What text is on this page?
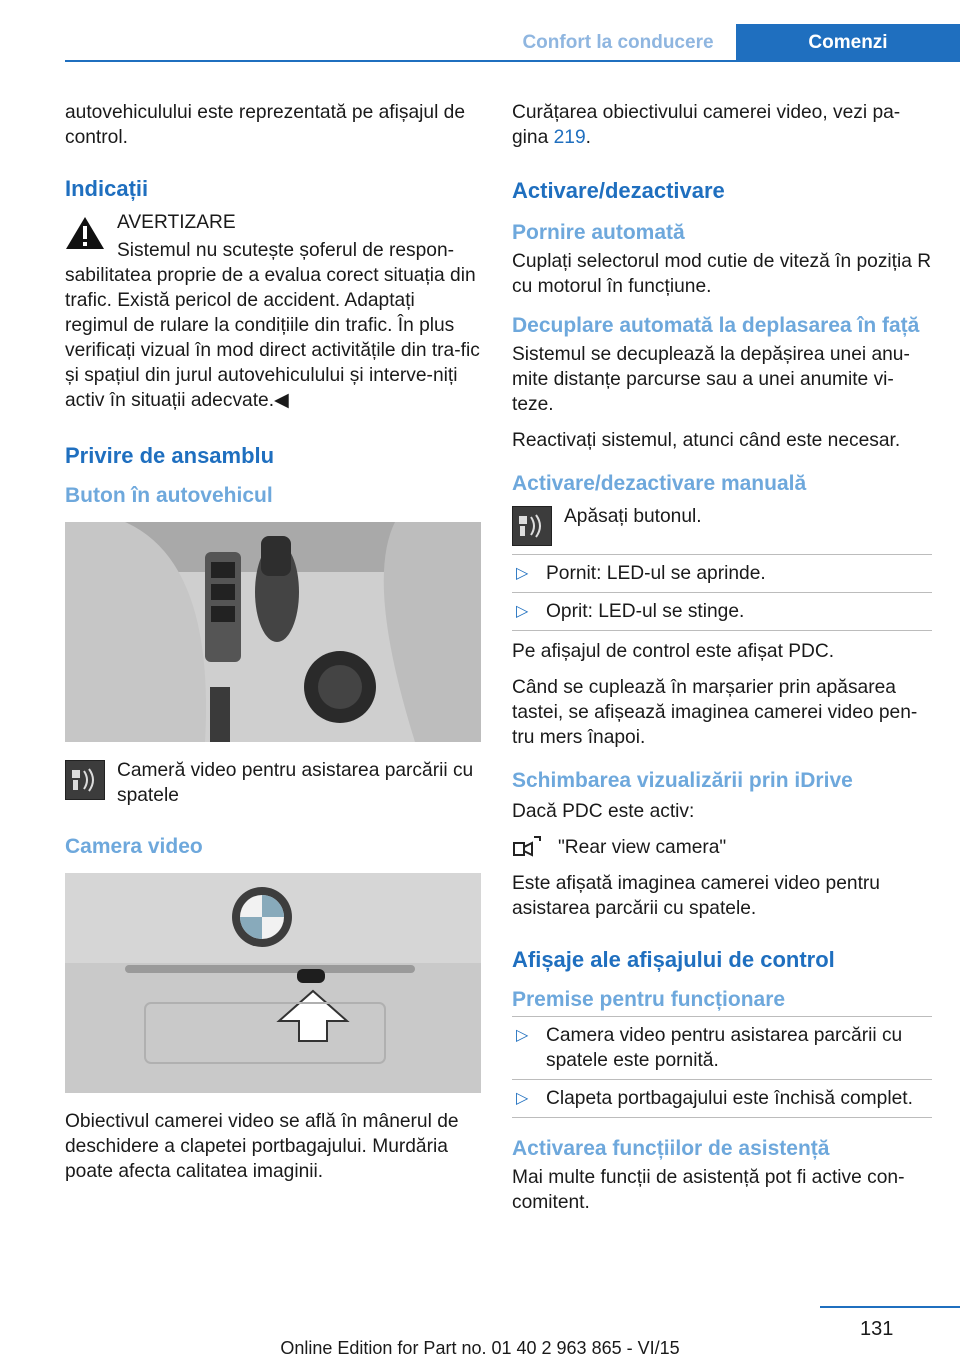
Confort la conducere	Comenzi

autovehiculului este reprezentată pe afișajul de control.

Indicații

AVERTIZARE

Sistemul nu scutește șoferul de respon-sabilitatea proprie de a evalua corect situația din trafic. Există pericol de accident. Adaptați regimul de rulare la condițiile din trafic. În plus verificați vizual în mod direct activitățile din tra-fic și spațiul din jurul autovehiculului și interve-niți activ în situații adecvate.◀

Privire de ansamblu
Buton în autovehicul

Cameră video pentru asistarea parcării cu spatele

Camera video

Obiectivul camerei video se află în mânerul de deschidere a clapetei portbagajului. Murdăria poate afecta calitatea imaginii.

Curățarea obiectivului camerei video, vezi pa-gina 219.

Activare/dezactivare
Pornire automată

Cuplați selectorul mod cutie de viteză în poziția R cu motorul în funcțiune.

Decuplare automată la deplasarea în față

Sistemul se decuplează la depășirea unei anu-mite distanțe parcurse sau a unei anumite vi-teze.

Reactivați sistemul, atunci când este necesar.

Activare/dezactivare manuală

Apăsați butonul.

▷ Pornit: LED-ul se aprinde.
▷ Oprit: LED-ul se stinge.

Pe afișajul de control este afișat PDC.

Când se cuplează în marșarier prin apăsarea tastei, se afișează imaginea camerei video pen-tru mers înapoi.

Schimbarea vizualizării prin iDrive

Dacă PDC este activ:

"Rear view camera"

Este afișată imaginea camerei video pentru asistarea parcării cu spatele.

Afișaje ale afișajului de control
Premise pentru funcționare
▷ Camera video pentru asistarea parcării cu spatele este pornită.
▷ Clapeta portbagajului este închisă complet.
Activarea funcțiilor de asistență

Mai multe funcții de asistență pot fi active con-comitent.

131
Online Edition for Part no. 01 40 2 963 865 - VI/15
